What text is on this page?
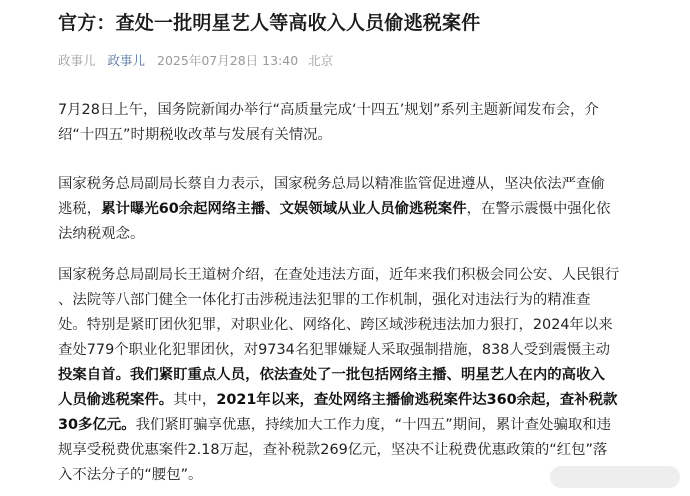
官方：查处一批明星艺人等高收入人员偷逃税案件
政事儿 政事儿 2025年07月28日 13:40 北京
7月28日上午，国务院新闻办举行“高质量完成‘十四五’规划”系列主题新闻发布会，介
绍“十四五”时期税收改革与发展有关情况。
国家税务总局副局长蔡自力表示，国家税务总局以精准监管促进遵从，坚决依法严查偷
逃税，累计曝光60余起网络主播、文娱领域从业人员偷逃税案件，在警示震慑中强化依
法纳税观念。
国家税务总局副局长王道树介绍，在查处违法方面，近年来我们积极会同公安、人民银行
、法院等八部门健全一体化打击涉税违法犯罪的工作机制，强化对违法行为的精准查
处。特别是紧盯团伙犯罪，对职业化、网络化、跨区域涉税违法加力狠打，2024年以来
查处779个职业化犯罪团伙，对9734名犯罪嫌疑人采取强制措施，838人受到震慑主动
投案自首。我们紧盯重点人员，依法查处了一批包括网络主播、明星艺人在内的高收入
人员偷逃税案件。其中，2021年以来，查处网络主播偷逃税案件达360余起，查补税款
30多亿元。我们紧盯骗享优惠，持续加大工作力度，“十四五”期间，累计查处骗取和违
规享受税费优惠案件2.18万起，查补税款269亿元，坚决不让税费优惠政策的“红包”落
入不法分子的“腰包”。
